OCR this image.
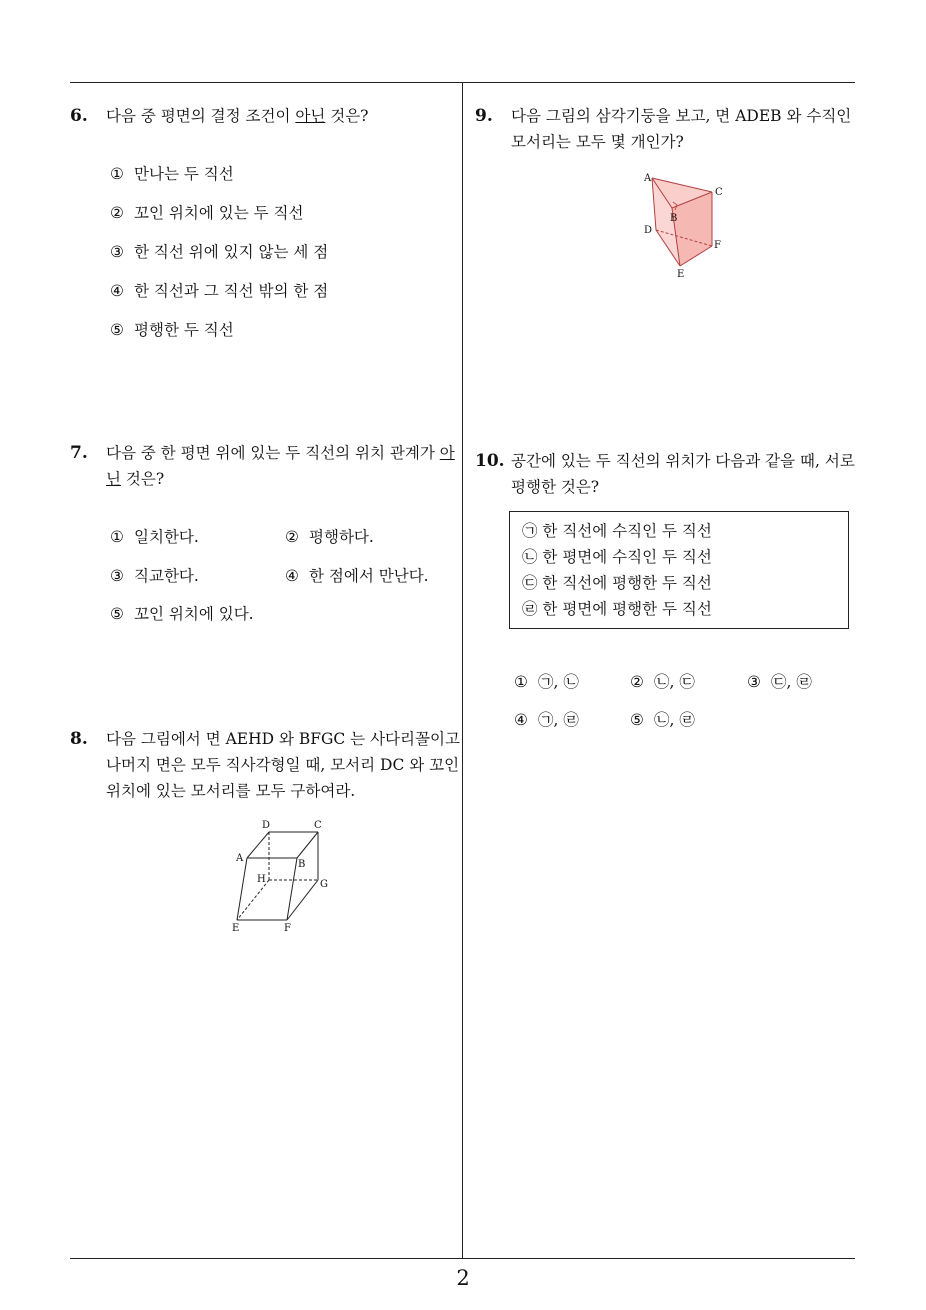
6. 다음 중 평면의 결정 조건이 아닌 것은?
① 만나는 두 직선
② 꼬인 위치에 있는 두 직선
③ 한 직선 위에 있지 않는 세 점
④ 한 직선과 그 직선 밖의 한 점
⑤ 평행한 두 직선
7. 다음 중 한 평면 위에 있는 두 직선의 위치 관계가 아닌 것은?
① 일치한다.	② 평행하다.
③ 직교한다.	④ 한 점에서 만난다.
⑤ 꼬인 위치에 있다.
8. 다음 그림에서 면 AEHD 와 BFGC 는 사다리꼴이고 나머지 면은 모두 직사각형일 때, 모서리 DC 와 꼬인 위치에 있는 모서리를 모두 구하여라.
D	C
A
B
H	G
E	F
9. 다음 그림의 삼각기둥을 보고, 면 ADEB 와 수직인 모서리는 모두 몇 개인가?
A
C
B
D
F
E
10. 공간에 있는 두 직선의 위치가 다음과 같을 때, 서로 평행한 것은?
㉠ 한 직선에 수직인 두 직선
㉡ 한 평면에 수직인 두 직선
㉢ 한 직선에 평행한 두 직선
㉣ 한 평면에 평행한 두 직선
① ㉠, ㉡	② ㉡, ㉢	③ ㉢, ㉣
④ ㉠, ㉣	⑤ ㉡, ㉣
2
